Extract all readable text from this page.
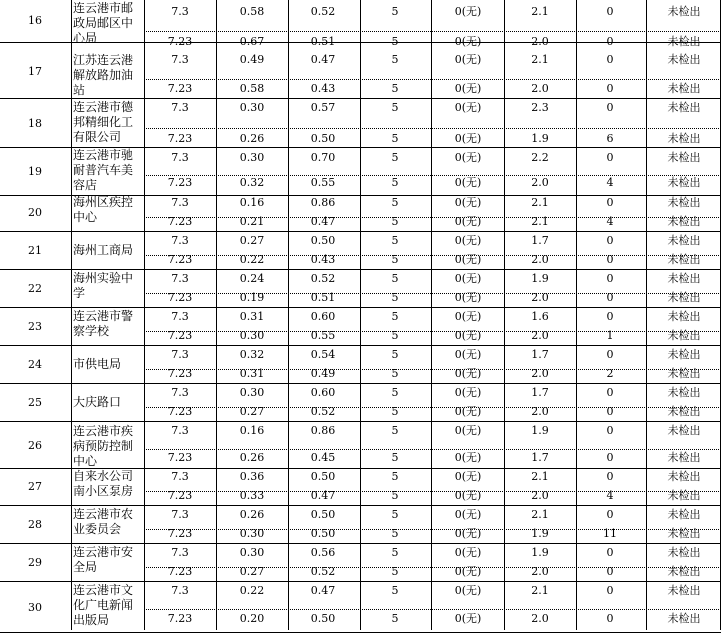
16
连云港市邮政局邮区中心局
7.3	0.58	0.52	5	0(无)	2.1	0	未检出
7.23	0.67	0.51	5	0(无)	2.0	0	未检出
17
江苏连云港解放路加油站
7.3	0.49	0.47	5	0(无)	2.1	0	未检出
7.23	0.58	0.43	5	0(无)	2.0	0	未检出
18
连云港市德邦精细化工有限公司
7.3	0.30	0.57	5	0(无)	2.3	0	未检出
7.23	0.26	0.50	5	0(无)	1.9	6	未检出
19
连云港市驰耐普汽车美容店
7.3	0.30	0.70	5	0(无)	2.2	0	未检出
7.23	0.32	0.55	5	0(无)	2.0	4	未检出
20
海州区疾控中心
7.3	0.16	0.86	5	0(无)	2.1	0	未检出
7.23	0.21	0.47	5	0(无)	2.1	4	未检出
21	海州工商局
7.3	0.27	0.50	5	0(无)	1.7	0	未检出
7.23	0.22	0.43	5	0(无)	2.0	0	未检出
22
海州实验中学
7.3	0.24	0.52	5	0(无)	1.9	0	未检出
7.23	0.19	0.51	5	0(无)	2.0	0	未检出
23
连云港市警察学校
7.3	0.31	0.60	5	0(无)	1.6	0	未检出
7.23	0.30	0.55	5	0(无)	2.0	1	未检出
24	市供电局
7.3	0.32	0.54	5	0(无)	1.7	0	未检出
7.23	0.31	0.49	5	0(无)	2.0	2	未检出
25	大庆路口
7.3	0.30	0.60	5	0(无)	1.7	0	未检出
7.23	0.27	0.52	5	0(无)	2.0	0	未检出
26
连云港市疾病预防控制中心
7.3	0.16	0.86	5	0(无)	1.9	0	未检出
7.23	0.26	0.45	5	0(无)	1.7	0	未检出
27
自来水公司南小区泵房
7.3	0.36	0.50	5	0(无)	2.1	0	未检出
7.23	0.33	0.47	5	0(无)	2.0	4	未检出
28
连云港市农业委员会
7.3	0.26	0.50	5	0(无)	2.1	0	未检出
7.23	0.30	0.50	5	0(无)	1.9	11	未检出
29
连云港市安全局
7.3	0.30	0.56	5	0(无)	1.9	0	未检出
7.23	0.27	0.52	5	0(无)	2.0	0	未检出
30
连云港市文化广电新闻出版局
7.3	0.22	0.47	5	0(无)	2.1	0	未检出
7.23	0.20	0.50	5	0(无)	2.0	0	未检出
